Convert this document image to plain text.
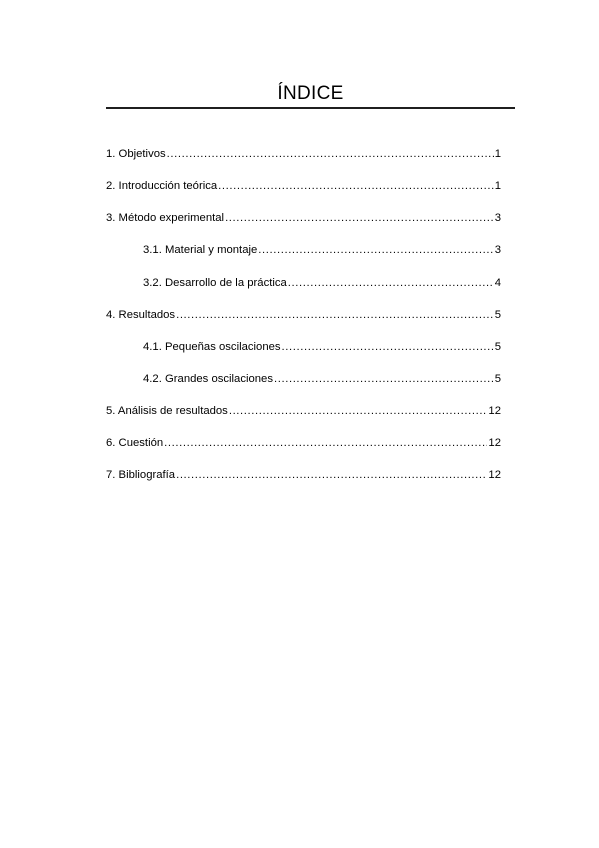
ÍNDICE
1. Objetivos .....	1
2. Introducción teórica .....	1
3. Método experimental .....	3
3.1. Material y montaje .....	3
3.2. Desarrollo de la práctica .....	4
4. Resultados .....	5
4.1. Pequeñas oscilaciones .....	5
4.2. Grandes oscilaciones .....	5
5. Análisis de resultados .....	12
6. Cuestión .....	12
7. Bibliografía .....	12
